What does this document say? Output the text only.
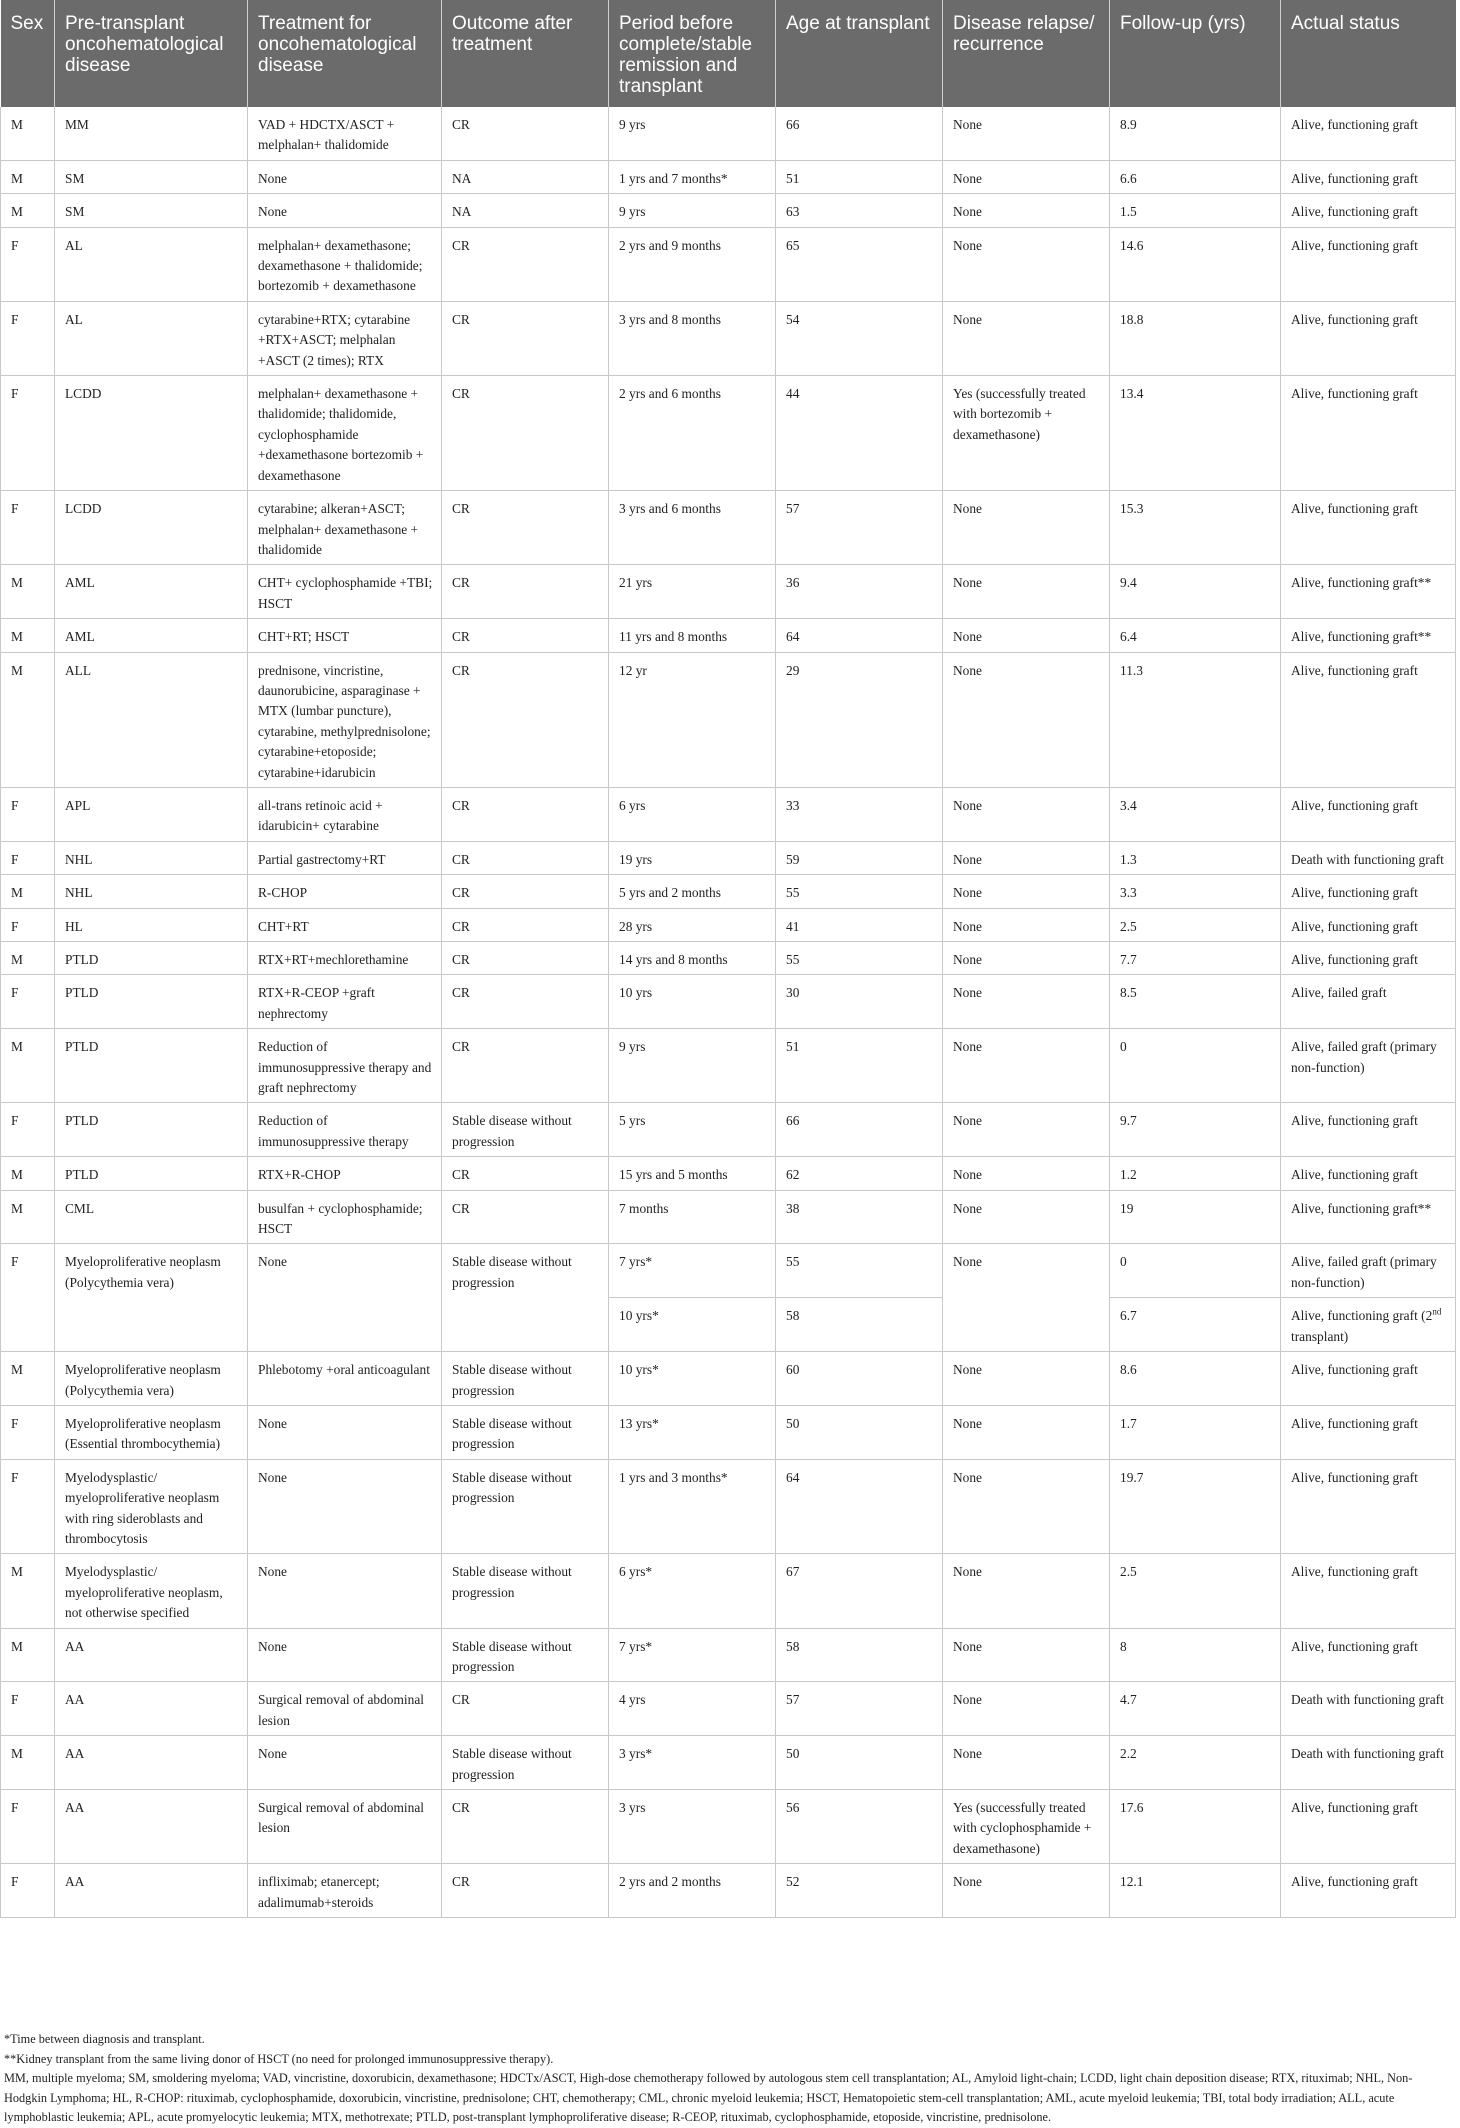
Sex	Pre-transplant oncohematological disease	Treatment for oncohematological disease	Outcome after treatment	Period before complete/stable remission and transplant	Age at transplant	Disease relapse/ recurrence	Follow-up (yrs)	Actual status
M	MM	VAD + HDCTX/ASCT + melphalan+ thalidomide	CR	9 yrs	66	None	8.9	Alive, functioning graft
M	SM	None	NA	1 yrs and 7 months*	51	None	6.6	Alive, functioning graft
M	SM	None	NA	9 yrs	63	None	1.5	Alive, functioning graft
F	AL	melphalan+ dexamethasone; dexamethasone + thalidomide; bortezomib + dexamethasone	CR	2 yrs and 9 months	65	None	14.6	Alive, functioning graft
F	AL	cytarabine+RTX; cytarabine +RTX+ASCT; melphalan +ASCT (2 times); RTX	CR	3 yrs and 8 months	54	None	18.8	Alive, functioning graft
F	LCDD	melphalan+ dexamethasone + thalidomide; thalidomide, cyclophosphamide +dexamethasone bortezomib + dexamethasone	CR	2 yrs and 6 months	44	Yes (successfully treated with bortezomib + dexamethasone)	13.4	Alive, functioning graft
F	LCDD	cytarabine; alkeran+ASCT; melphalan+ dexamethasone + thalidomide	CR	3 yrs and 6 months	57	None	15.3	Alive, functioning graft
M	AML	CHT+ cyclophosphamide +TBI; HSCT	CR	21 yrs	36	None	9.4	Alive, functioning graft**
M	AML	CHT+RT; HSCT	CR	11 yrs and 8 months	64	None	6.4	Alive, functioning graft**
M	ALL	prednisone, vincristine, daunorubicine, asparaginase + MTX (lumbar puncture), cytarabine, methylprednisolone; cytarabine+etoposide; cytarabine+idarubicin	CR	12 yr	29	None	11.3	Alive, functioning graft
F	APL	all-trans retinoic acid + idarubicin+ cytarabine	CR	6 yrs	33	None	3.4	Alive, functioning graft
F	NHL	Partial gastrectomy+RT	CR	19 yrs	59	None	1.3	Death with functioning graft
M	NHL	R-CHOP	CR	5 yrs and 2 months	55	None	3.3	Alive, functioning graft
F	HL	CHT+RT	CR	28 yrs	41	None	2.5	Alive, functioning graft
M	PTLD	RTX+RT+mechlorethamine	CR	14 yrs and 8 months	55	None	7.7	Alive, functioning graft
F	PTLD	RTX+R-CEOP +graft nephrectomy	CR	10 yrs	30	None	8.5	Alive, failed graft
M	PTLD	Reduction of immunosuppressive therapy and graft nephrectomy	CR	9 yrs	51	None	0	Alive, failed graft (primary non-function)
F	PTLD	Reduction of immunosuppressive therapy	Stable disease without progression	5 yrs	66	None	9.7	Alive, functioning graft
M	PTLD	RTX+R-CHOP	CR	15 yrs and 5 months	62	None	1.2	Alive, functioning graft
M	CML	busulfan + cyclophosphamide; HSCT	CR	7 months	38	None	19	Alive, functioning graft**
F	Myeloproliferative neoplasm (Polycythemia vera)	None	Stable disease without progression	7 yrs*	55	None	0	Alive, failed graft (primary non-function)
				10 yrs*	58		6.7	Alive, functioning graft (2nd transplant)
M	Myeloproliferative neoplasm (Polycythemia vera)	Phlebotomy +oral anticoagulant	Stable disease without progression	10 yrs*	60	None	8.6	Alive, functioning graft
F	Myeloproliferative neoplasm (Essential thrombocythemia)	None	Stable disease without progression	13 yrs*	50	None	1.7	Alive, functioning graft
F	Myelodysplastic/ myeloproliferative neoplasm with ring sideroblasts and thrombocytosis	None	Stable disease without progression	1 yrs and 3 months*	64	None	19.7	Alive, functioning graft
M	Myelodysplastic/ myeloproliferative neoplasm, not otherwise specified	None	Stable disease without progression	6 yrs*	67	None	2.5	Alive, functioning graft
M	AA	None	Stable disease without progression	7 yrs*	58	None	8	Alive, functioning graft
F	AA	Surgical removal of abdominal lesion	CR	4 yrs	57	None	4.7	Death with functioning graft
M	AA	None	Stable disease without progression	3 yrs*	50	None	2.2	Death with functioning graft
F	AA	Surgical removal of abdominal lesion	CR	3 yrs	56	Yes (successfully treated with cyclophosphamide + dexamethasone)	17.6	Alive, functioning graft
F	AA	infliximab; etanercept; adalimumab+steroids	CR	2 yrs and 2 months	52	None	12.1	Alive, functioning graft

*Time between diagnosis and transplant.

**Kidney transplant from the same living donor of HSCT (no need for prolonged immunosuppressive therapy).

MM, multiple myeloma; SM, smoldering myeloma; VAD, vincristine, doxorubicin, dexamethasone; HDCTx/ASCT, High-dose chemotherapy followed by autologous stem cell transplantation; AL, Amyloid light-chain; LCDD, light chain deposition disease; RTX, rituximab; NHL, Non-Hodgkin Lymphoma; HL, R-CHOP: rituximab, cyclophosphamide, doxorubicin, vincristine, prednisolone; CHT, chemotherapy; CML, chronic myeloid leukemia; HSCT, Hematopoietic stem-cell transplantation; AML, acute myeloid leukemia; TBI, total body irradiation; ALL, acute lymphoblastic leukemia; APL, acute promyelocytic leukemia; MTX, methotrexate; PTLD, post-transplant lymphoproliferative disease; R-CEOP, rituximab, cyclophosphamide, etoposide, vincristine, prednisolone.
